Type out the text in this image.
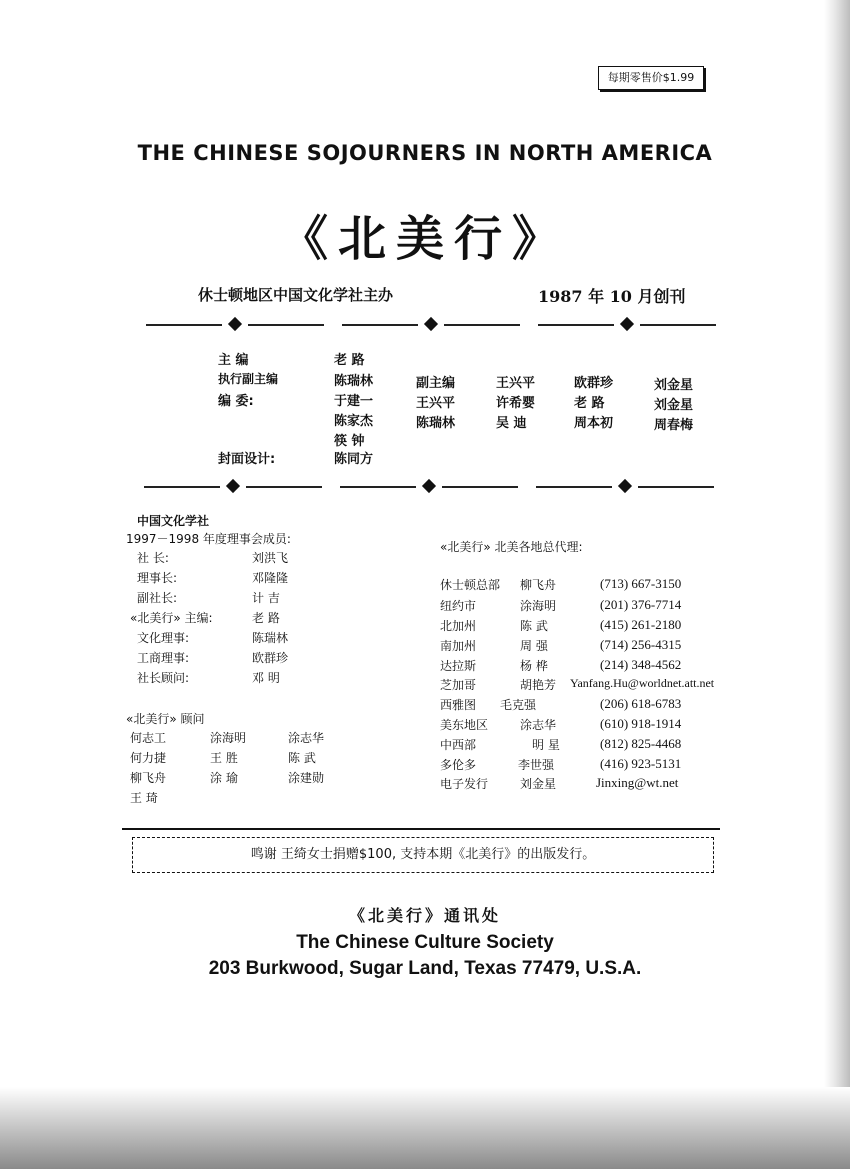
每期零售价$1.99
THE CHINESE SOJOURNERS IN NORTH AMERICA
《北美行》
休士顿地区中国文化学社主办	1987 年 10 月创刊
主 编	老 路
执行副主编	陈瑞林	副主编	王兴平	欧群珍	刘金星
编 委:	于建一	王兴平	许希婴	老 路	刘金星
陈家杰	陈瑞林	吴 迪	周本初	周春梅
筷 钟
封面设计:	陈同方
中国文化学社
1997－1998 年度理事会成员:
社 长:	刘洪飞
理事长:	邓隆隆
副社长:	计 吉
«北美行» 主编:	老 路
文化理事:	陈瑞林
工商理事:	欧群珍
社长顾问:	邓 明
«北美行» 顾问
何志工	涂海明	涂志华
何力捷	王 胜	陈 武
柳飞舟	涂 瑜	涂建勋
王 琦
«北美行» 北美各地总代理:
休士顿总部 柳飞舟	(713) 667-3150
纽约市	涂海明	(201) 376-7714
北加州	陈 武	(415) 261-2180
南加州	周 强	(714) 256-4315
达拉斯	杨 桦	(214) 348-4562
芝加哥	胡艳芳 Yanfang.Hu@worldnet.att.net
西雅图 毛克强	(206) 618-6783
美东地区	涂志华	(610) 918-1914
中西部	明 星	(812) 825-4468
多伦多	李世强	(416) 923-5131
电子发行	刘金星	Jinxing@wt.net
鸣谢 王绮女士捐赠$100, 支持本期《北美行》的出版发行。
《北美行》通讯处
The Chinese Culture Society
203 Burkwood, Sugar Land, Texas 77479, U.S.A.
